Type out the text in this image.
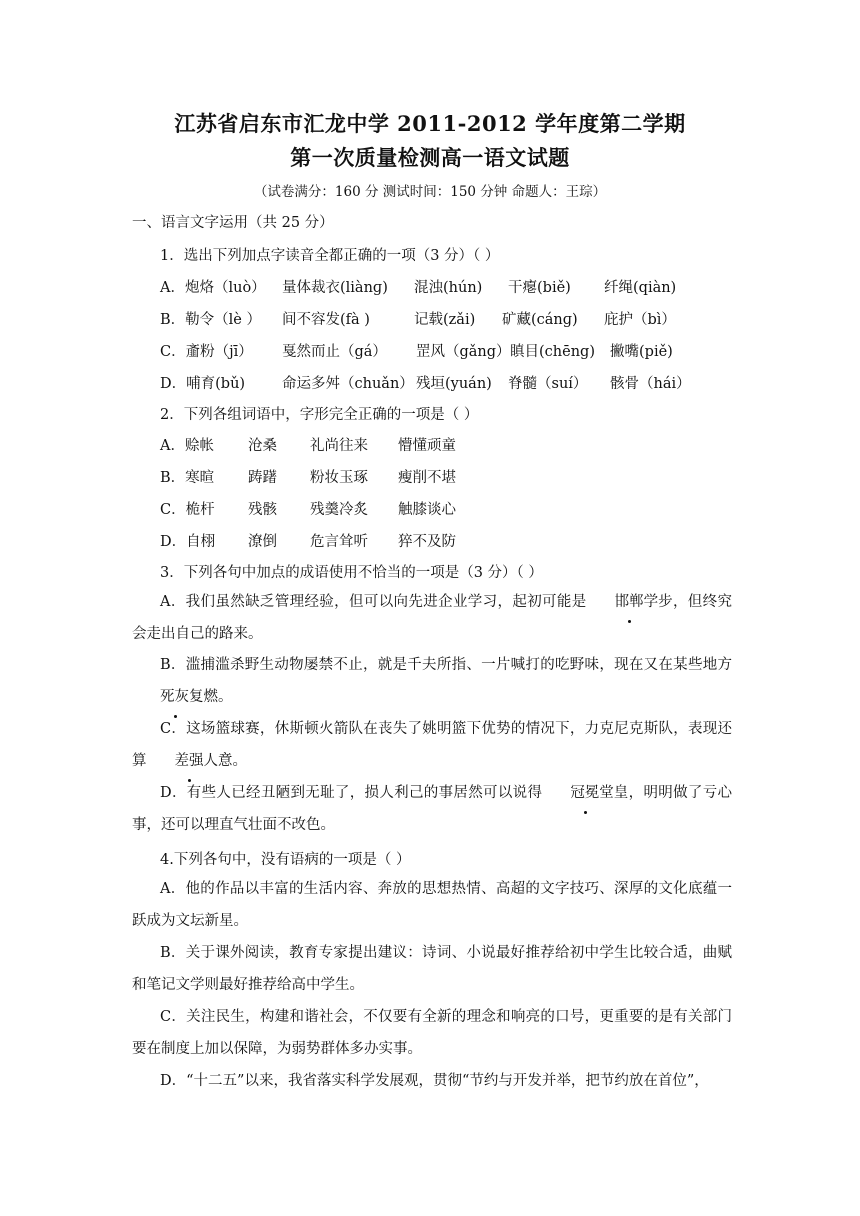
江苏省启东市汇龙中学 2011-2012 学年度第二学期
第一次质量检测高一语文试题
（试卷满分：160 分 测试时间：150 分钟 命题人：王琮）
一、语言文字运用（共 25 分）
1．选出下列加点字读音全都正确的一项（3 分）（ ）
A．炮烙（luò） 量体裁衣(liànɡ) 混浊(hún) 干瘪(biě) 纤绳(qiàn)
B．勒令（lè ） 间不容发(fà )	记载(zǎi) 矿藏(cánɡ) 庇护（bì）
C．齑粉（jī） 戛然而止（gá） 罡风（gǎng） 瞋目(chēng) 撇嘴(piě)
D．哺育(bǔ)	命运多舛（chuǎn） 残垣(yuán) 脊髓（suí） 骸骨（hái）
2．下列各组词语中，字形完全正确的一项是（ ）
A．赊帐 沧桑 礼尚往来 懵懂顽童
B．寒暄 踌躇 粉妆玉琢 瘦削不堪
C．桅杆 残骸 残羹冷炙 触膝谈心
D．自栩 潦倒 危言耸听 猝不及防
3．下列各句中加点的成语使用不恰当的一项是（3 分）（ ）
A．我们虽然缺乏管理经验，但可以向先进企业学习，起初可能是 邯郸学步，但终究会走出自己的路来。
B．滥捕滥杀野生动物屡禁不止，就是千夫所指、一片喊打的吃野味，现在又在某些地方死灰复燃。
C．这场篮球赛，休斯顿火箭队在丧失了姚明篮下优势的情况下，力克尼克斯队，表现还算 差强人意。
D．有些人已经丑陋到无耻了，损人利己的事居然可以说得 冠冕堂皇，明明做了亏心事，还可以理直气壮面不改色。
4.下列各句中，没有语病的一项是（ ）
A．他的作品以丰富的生活内容、奔放的思想热情、高超的文字技巧、深厚的文化底蕴一跃成为文坛新星。
B．关于课外阅读，教育专家提出建议：诗词、小说最好推荐给初中学生比较合适，曲赋和笔记文学则最好推荐给高中学生。
C．关注民生，构建和谐社会，不仅要有全新的理念和响亮的口号，更重要的是有关部门要在制度上加以保障，为弱势群体多办实事。
D．“十二五”以来，我省落实科学发展观，贯彻“节约与开发并举，把节约放在首位”，
